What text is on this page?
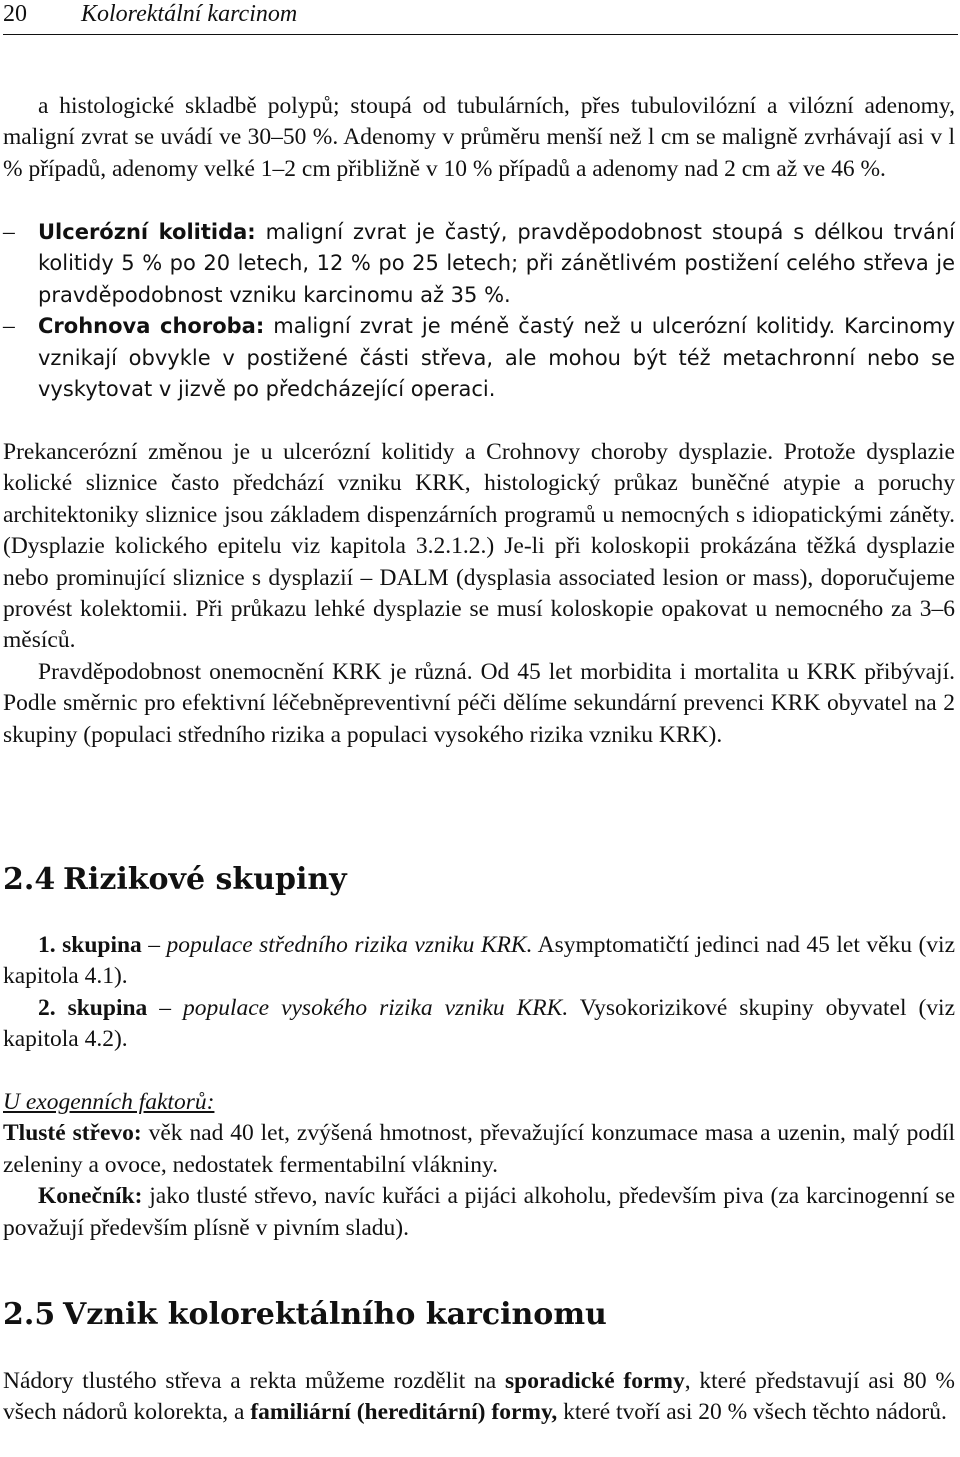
20 Kolorektální karcinom

a histologické skladbě polypů; stoupá od tubulárních, přes tubulovilózní a vilózní adenomy, maligní zvrat se uvádí ve 30–50 %. Adenomy v průměru menší než l cm se maligně zvrhávají asi v l % případů, adenomy velké 1–2 cm přibližně v 10 % případů a adenomy nad 2 cm až ve 46 %.

– Ulcerózní kolitida: maligní zvrat je častý, pravděpodobnost stoupá s délkou trvání kolitidy 5 % po 20 letech, 12 % po 25 letech; při zánětlivém postižení celého střeva je pravděpodobnost vzniku karcinomu až 35 %.
– Crohnova choroba: maligní zvrat je méně častý než u ulcerózní kolitidy. Karcinomy vznikají obvykle v postižené části střeva, ale mohou být též metachronní nebo se vyskytovat v jizvě po předcházející operaci.

Prekancerózní změnou je u ulcerózní kolitidy a Crohnovy choroby dysplazie. Protože dysplazie kolické sliznice často předchází vzniku KRK, histologický průkaz buněčné atypie a poruchy architektoniky sliznice jsou základem dispenzárních programů u nemocných s idiopatickými záněty. (Dysplazie kolického epitelu viz kapitola 3.2.1.2.) Je-li při koloskopii prokázána těžká dysplazie nebo prominující sliznice s dysplazií – DALM (dysplasia associated lesion or mass), doporučujeme provést kolektomii. Při průkazu lehké dysplazie se musí koloskopie opakovat u nemocného za 3–6 měsíců.

Pravděpodobnost onemocnění KRK je různá. Od 45 let morbidita i mortalita u KRK přibývají. Podle směrnic pro efektivní léčebněpreventivní péči dělíme sekundární prevenci KRK obyvatel na 2 skupiny (populaci středního rizika a populaci vysokého rizika vzniku KRK).

2.4 Rizikové skupiny

1. skupina – populace středního rizika vzniku KRK. Asymptomatičtí jedinci nad 45 let věku (viz kapitola 4.1).

2. skupina – populace vysokého rizika vzniku KRK. Vysokorizikové skupiny obyvatel (viz kapitola 4.2).

U exogenních faktorů:

Tlusté střevo: věk nad 40 let, zvýšená hmotnost, převažující konzumace masa a uzenin, malý podíl zeleniny a ovoce, nedostatek fermentabilní vlákniny.

Konečník: jako tlusté střevo, navíc kuřáci a pijáci alkoholu, především piva (za karcinogenní se považují především plísně v pivním sladu).

2.5 Vznik kolorektálního karcinomu

Nádory tlustého střeva a rekta můžeme rozdělit na sporadické formy, které představují asi 80 % všech nádorů kolorekta, a familiární (hereditární) formy, které tvoří asi 20 % všech těchto nádorů.
